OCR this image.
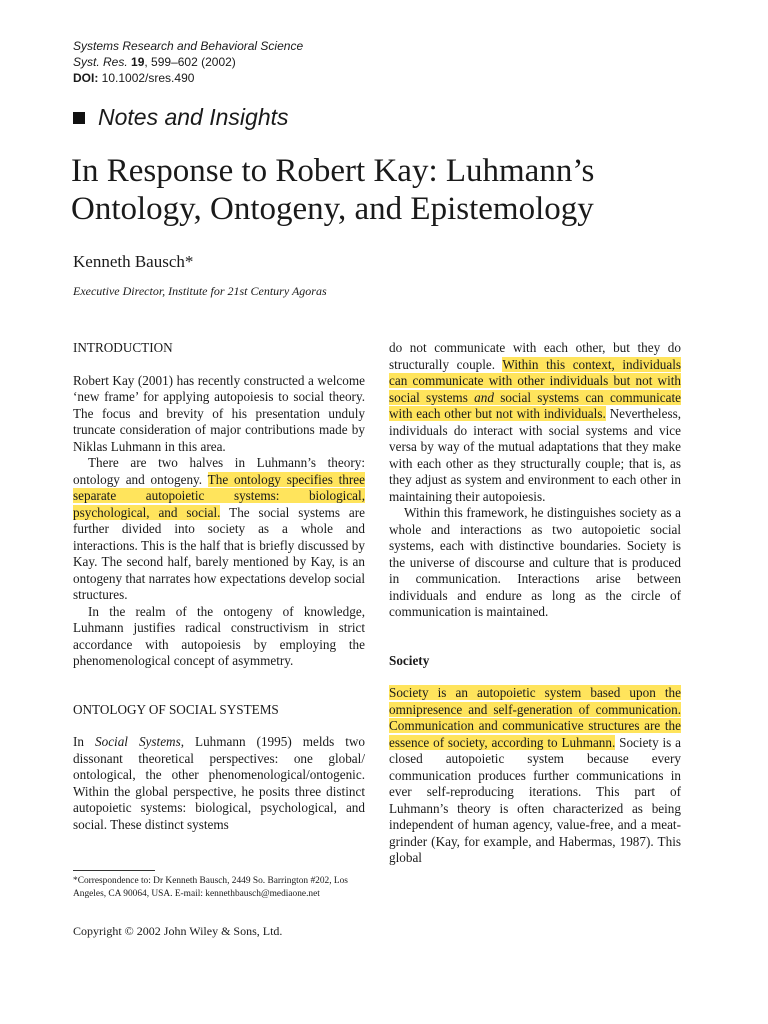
Systems Research and Behavioral Science
Syst. Res. 19, 599–602 (2002)
DOI: 10.1002/sres.490
Notes and Insights
In Response to Robert Kay: Luhmann’s
Ontology, Ontogeny, and Epistemology
Kenneth Bausch*
Executive Director, Institute for 21st Century Agoras

INTRODUCTION

Robert Kay (2001) has recently constructed a welcome ‘new frame’ for applying autopoiesis to social theory. The focus and brevity of his presentation unduly truncate consideration of major contributions made by Niklas Luhmann in this area.

There are two halves in Luhmann’s theory: ontology and ontogeny. The ontology specifies three separate autopoietic systems: biological, psychological, and social. The social systems are further divided into society as a whole and interactions. This is the half that is briefly discussed by Kay. The second half, barely mentioned by Kay, is an ontogeny that narrates how expectations develop social structures.

In the realm of the ontogeny of knowledge, Luhmann justifies radical constructivism in strict accordance with autopoiesis by employing the phenomenological concept of asymmetry.

ONTOLOGY OF SOCIAL SYSTEMS

In Social Systems, Luhmann (1995) melds two dissonant theoretical perspectives: one global/ ontological, the other phenomenological/ontogenic. Within the global perspective, he posits three distinct autopoietic systems: biological, psychological, and social. These distinct systems

do not communicate with each other, but they do structurally couple. Within this context, individuals can communicate with other individuals but not with social systems and social systems can communicate with each other but not with individuals. Nevertheless, individuals do interact with social systems and vice versa by way of the mutual adaptations that they make with each other as they structurally couple; that is, as they adjust as system and environment to each other in maintaining their autopoiesis.

Within this framework, he distinguishes society as a whole and interactions as two autopoietic social systems, each with distinctive boundaries. Society is the universe of discourse and culture that is produced in communication. Interactions arise between individuals and endure as long as the circle of communication is maintained.

Society

Society is an autopoietic system based upon the omnipresence and self-generation of communication. Communication and communicative structures are the essence of society, according to Luhmann. Society is a closed autopoietic system because every communication produces further communications in ever self-reproducing iterations. This part of Luhmann’s theory is often characterized as being independent of human agency, value-free, and a meat-grinder (Kay, for example, and Habermas, 1987). This global

*Correspondence to: Dr Kenneth Bausch, 2449 So. Barrington #202, Los Angeles, CA 90064, USA. E-mail: kennethbausch@mediaone.net
Copyright © 2002 John Wiley & Sons, Ltd.
